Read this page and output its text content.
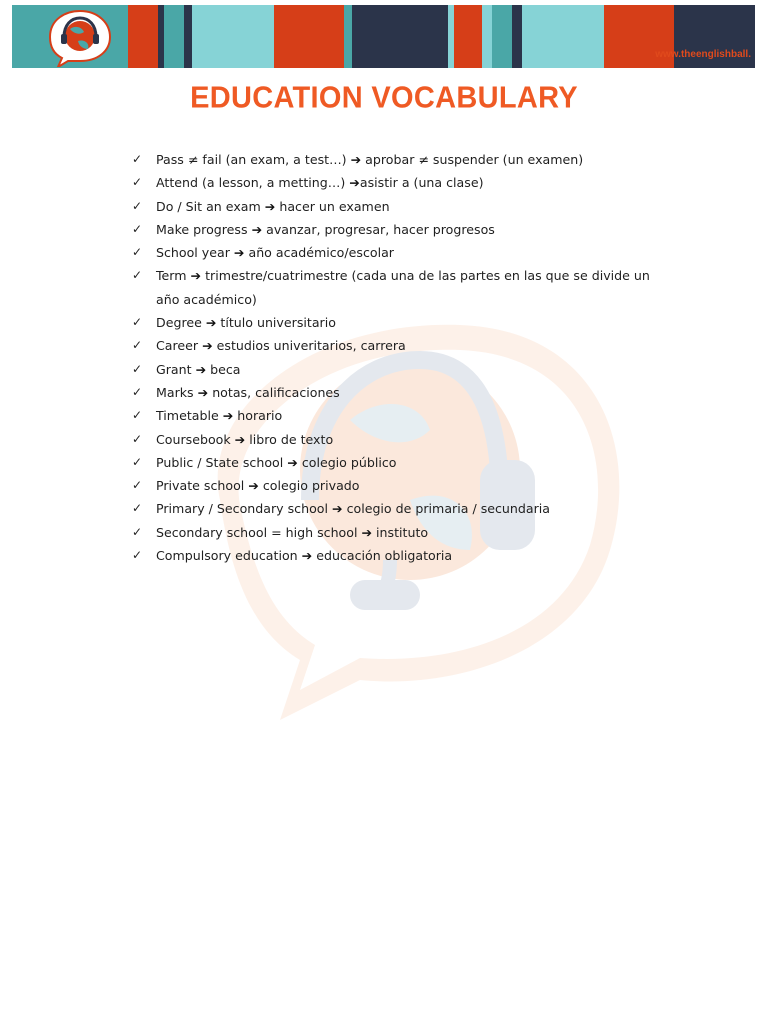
www.theenglishball.
EDUCATION VOCABULARY
✓ Pass ≠ fail (an exam, a test…) ➔ aprobar ≠ suspender (un examen)
✓ Attend (a lesson, a metting…) ➔asistir a (una clase)
✓ Do / Sit an exam ➔ hacer un examen
✓ Make progress ➔ avanzar, progresar, hacer progresos
✓ School year ➔ año académico/escolar
✓ Term ➔ trimestre/cuatrimestre (cada una de las partes en las que se divide un año académico)
✓ Degree ➔ título universitario
✓ Career ➔ estudios univeritarios, carrera
✓ Grant ➔ beca
✓ Marks ➔ notas, calificaciones
✓ Timetable ➔ horario
✓ Coursebook ➔ libro de texto
✓ Public / State school ➔ colegio público
✓ Private school ➔ colegio privado
✓ Primary / Secondary school ➔ colegio de primaria / secundaria
✓ Secondary school = high school ➔ instituto
✓ Compulsory education ➔ educación obligatoria
